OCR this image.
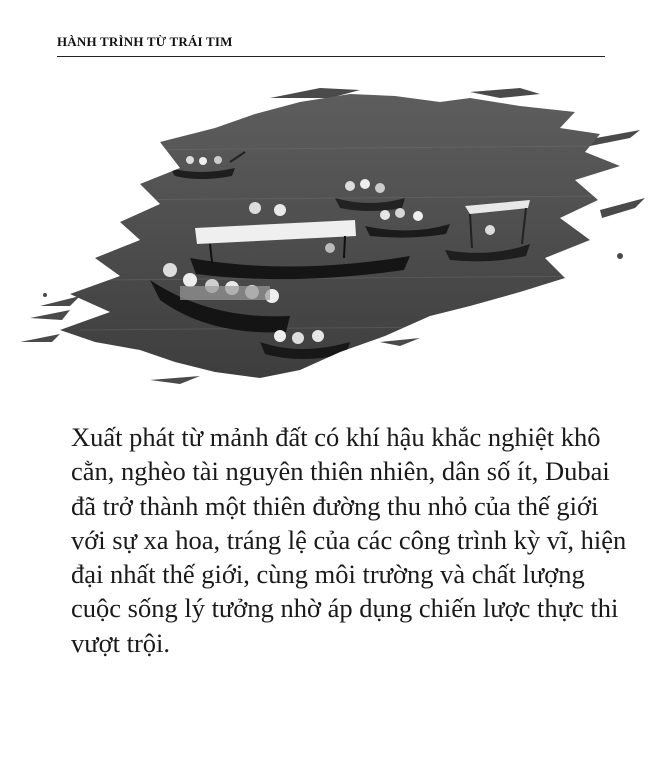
HÀNH TRÌNH TỪ TRÁI TIM

Xuất phát từ mảnh đất có khí hậu khắc nghiệt khô cằn, nghèo tài nguyên thiên nhiên, dân số ít, Dubai đã trở thành một thiên đường thu nhỏ của thế giới với sự xa hoa, tráng lệ của các công trình kỳ vĩ, hiện đại nhất thế giới, cùng môi trường và chất lượng cuộc sống lý tưởng nhờ áp dụng chiến lược thực thi vượt trội.
